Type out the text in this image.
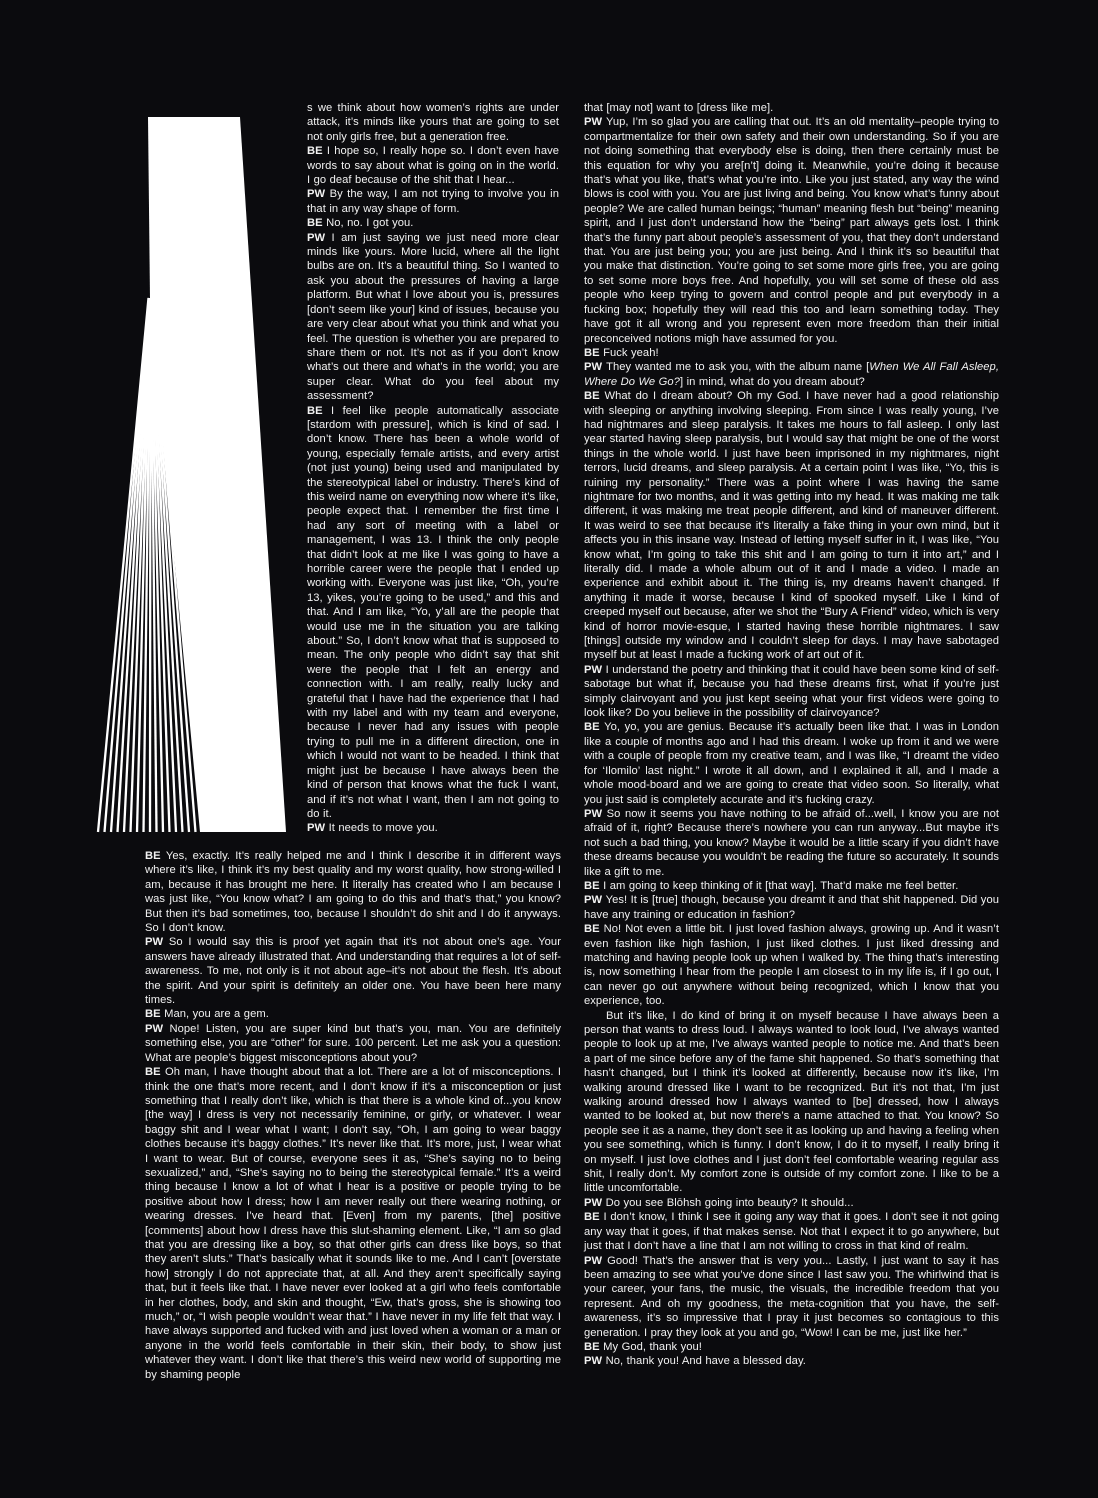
s we think about how women’s rights are under attack, it’s minds like yours that are going to set not only girls free, but a generation free.

BE I hope so, I really hope so. I don’t even have words to say about what is going on in the world. I go deaf because of the shit that I hear...

PW By the way, I am not trying to involve you in that in any way shape of form.

BE No, no. I got you.

PW I am just saying we just need more clear minds like yours. More lucid, where all the light bulbs are on. It’s a beautiful thing. So I wanted to ask you about the pressures of having a large platform. But what I love about you is, pressures [don’t seem like your] kind of issues, because you are very clear about what you think and what you feel. The question is whether you are prepared to share them or not. It’s not as if you don’t know what’s out there and what’s in the world; you are super clear. What do you feel about my assessment?

BE I feel like people automatically associate [stardom with pressure], which is kind of sad. I don’t know. There has been a whole world of young, especially female artists, and every artist (not just young) being used and manipulated by the stereotypical label or industry. There’s kind of this weird name on everything now where it’s like, people expect that. I remember the first time I had any sort of meeting with a label or management, I was 13. I think the only people that didn’t look at me like I was going to have a horrible career were the people that I ended up working with. Everyone was just like, “Oh, you’re 13, yikes, you’re going to be used,” and this and that. And I am like, “Yo, y’all are the people that would use me in the situation you are talking about.” So, I don’t know what that is supposed to mean. The only people who didn’t say that shit were the people that I felt an energy and connection with. I am really, really lucky and grateful that I have had the experience that I had with my label and with my team and everyone, because I never had any issues with people trying to pull me in a different direction, one in which I would not want to be headed. I think that might just be because I have always been the kind of person that knows what the fuck I want, and if it’s not what I want, then I am not going to do it.

PW It needs to move you.

BE Yes, exactly. It’s really helped me and I think I describe it in different ways where it’s like, I think it’s my best quality and my worst quality, how strong-willed I am, because it has brought me here. It literally has created who I am because I was just like, “You know what? I am going to do this and that’s that,” you know? But then it’s bad sometimes, too, because I shouldn’t do shit and I do it anyways. So I don’t know.

PW So I would say this is proof yet again that it’s not about one’s age. Your answers have already illustrated that. And understanding that requires a lot of self-awareness. To me, not only is it not about age–it’s not about the flesh. It’s about the spirit. And your spirit is definitely an older one. You have been here many times.

BE Man, you are a gem.

PW Nope! Listen, you are super kind but that’s you, man. You are definitely something else, you are “other” for sure. 100 percent. Let me ask you a question: What are people’s biggest misconceptions about you?

BE Oh man, I have thought about that a lot. There are a lot of misconceptions. I think the one that’s more recent, and I don’t know if it’s a misconception or just something that I really don’t like, which is that there is a whole kind of...you know [the way] I dress is very not necessarily feminine, or girly, or whatever. I wear baggy shit and I wear what I want; I don’t say, “Oh, I am going to wear baggy clothes because it’s baggy clothes.” It’s never like that. It’s more, just, I wear what I want to wear. But of course, everyone sees it as, “She’s saying no to being sexualized,” and, “She’s saying no to being the stereotypical female.” It’s a weird thing because I know a lot of what I hear is a positive or people trying to be positive about how I dress; how I am never really out there wearing nothing, or wearing dresses. I’ve heard that. [Even] from my parents, [the] positive [comments] about how I dress have this slut-shaming element. Like, “I am so glad that you are dressing like a boy, so that other girls can dress like boys, so that they aren’t sluts.” That’s basically what it sounds like to me. And I can’t [overstate how] strongly I do not appreciate that, at all. And they aren’t specifically saying that, but it feels like that. I have never ever looked at a girl who feels comfortable in her clothes, body, and skin and thought, “Ew, that’s gross, she is showing too much,” or, “I wish people wouldn’t wear that.” I have never in my life felt that way. I have always supported and fucked with and just loved when a woman or a man or anyone in the world feels comfortable in their skin, their body, to show just whatever they want. I don’t like that there’s this weird new world of supporting me by shaming people

that [may not] want to [dress like me].

PW Yup, I’m so glad you are calling that out. It’s an old mentality–people trying to compartmentalize for their own safety and their own understanding. So if you are not doing something that everybody else is doing, then there certainly must be this equation for why you are[n’t] doing it. Meanwhile, you’re doing it because that’s what you like, that’s what you’re into. Like you just stated, any way the wind blows is cool with you. You are just living and being. You know what’s funny about people? We are called human beings; “human” meaning flesh but “being” meaning spirit, and I just don’t understand how the “being” part always gets lost. I think that’s the funny part about people’s assessment of you, that they don’t understand that. You are just being you; you are just being. And I think it’s so beautiful that you make that distinction. You’re going to set some more girls free, you are going to set some more boys free. And hopefully, you will set some of these old ass people who keep trying to govern and control people and put everybody in a fucking box; hopefully they will read this too and learn something today. They have got it all wrong and you represent even more freedom than their initial preconceived notions migh have assumed for you.

BE Fuck yeah!

PW They wanted me to ask you, with the album name [When We All Fall Asleep, Where Do We Go?] in mind, what do you dream about?

BE What do I dream about? Oh my God. I have never had a good relationship with sleeping or anything involving sleeping. From since I was really young, I’ve had nightmares and sleep paralysis. It takes me hours to fall asleep. I only last year started having sleep paralysis, but I would say that might be one of the worst things in the whole world. I just have been imprisoned in my nightmares, night terrors, lucid dreams, and sleep paralysis. At a certain point I was like, “Yo, this is ruining my personality.” There was a point where I was having the same nightmare for two months, and it was getting into my head. It was making me talk different, it was making me treat people different, and kind of maneuver different. It was weird to see that because it’s literally a fake thing in your own mind, but it affects you in this insane way. Instead of letting myself suffer in it, I was like, “You know what, I’m going to take this shit and I am going to turn it into art,” and I literally did. I made a whole album out of it and I made a video. I made an experience and exhibit about it. The thing is, my dreams haven’t changed. If anything it made it worse, because I kind of spooked myself. Like I kind of creeped myself out because, after we shot the “Bury A Friend” video, which is very kind of horror movie-esque, I started having these horrible nightmares. I saw [things] outside my window and I couldn’t sleep for days. I may have sabotaged myself but at least I made a fucking work of art out of it.

PW I understand the poetry and thinking that it could have been some kind of self-sabotage but what if, because you had these dreams first, what if you’re just simply clairvoyant and you just kept seeing what your first videos were going to look like? Do you believe in the possibility of clairvoyance?

BE Yo, yo, you are genius. Because it’s actually been like that. I was in London like a couple of months ago and I had this dream. I woke up from it and we were with a couple of people from my creative team, and I was like, “I dreamt the video for ‘Ilomilo’ last night.” I wrote it all down, and I explained it all, and I made a whole mood-board and we are going to create that video soon. So literally, what you just said is completely accurate and it’s fucking crazy.

PW So now it seems you have nothing to be afraid of...well, I know you are not afraid of it, right? Because there’s nowhere you can run anyway...But maybe it’s not such a bad thing, you know? Maybe it would be a little scary if you didn’t have these dreams because you wouldn’t be reading the future so accurately. It sounds like a gift to me.

BE I am going to keep thinking of it [that way]. That’d make me feel better.

PW Yes! It is [true] though, because you dreamt it and that shit happened. Did you have any training or education in fashion?

BE No! Not even a little bit. I just loved fashion always, growing up. And it wasn’t even fashion like high fashion, I just liked clothes. I just liked dressing and matching and having people look up when I walked by. The thing that’s interesting is, now something I hear from the people I am closest to in my life is, if I go out, I can never go out anywhere without being recognized, which I know that you experience, too.

But it’s like, I do kind of bring it on myself because I have always been a person that wants to dress loud. I always wanted to look loud, I’ve always wanted people to look up at me, I’ve always wanted people to notice me. And that’s been a part of me since before any of the fame shit happened. So that’s something that hasn’t changed, but I think it’s looked at differently, because now it’s like, I’m walking around dressed like I want to be recognized. But it’s not that, I’m just walking around dressed how I always wanted to [be] dressed, how I always wanted to be looked at, but now there’s a name attached to that. You know? So people see it as a name, they don’t see it as looking up and having a feeling when you see something, which is funny. I don’t know, I do it to myself, I really bring it on myself. I just love clothes and I just don’t feel comfortable wearing regular ass shit, I really don’t. My comfort zone is outside of my comfort zone. I like to be a little uncomfortable.

PW Do you see Blōhsh going into beauty? It should...

BE I don’t know, I think I see it going any way that it goes. I don’t see it not going any way that it goes, if that makes sense. Not that I expect it to go anywhere, but just that I don’t have a line that I am not willing to cross in that kind of realm.

PW Good! That’s the answer that is very you... Lastly, I just want to say it has been amazing to see what you’ve done since I last saw you. The whirlwind that is your career, your fans, the music, the visuals, the incredible freedom that you represent. And oh my goodness, the meta-cognition that you have, the self-awareness, it’s so impressive that I pray it just becomes so contagious to this generation. I pray they look at you and go, “Wow! I can be me, just like her.”

BE My God, thank you!

PW No, thank you! And have a blessed day.
